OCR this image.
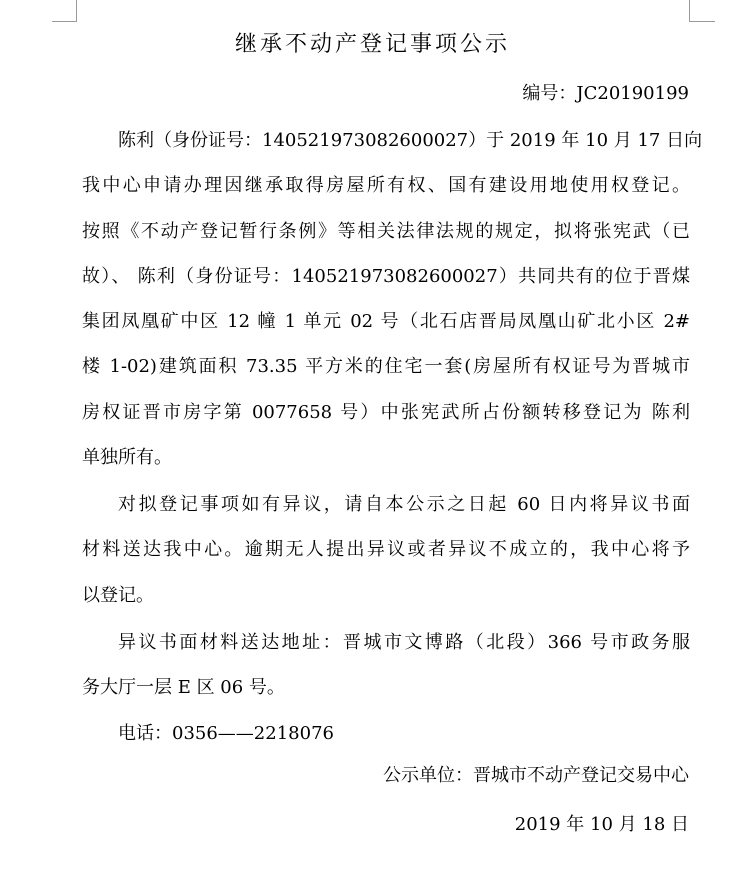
继承不动产登记事项公示
编号：JC20190199
陈利（身份证号：140521973082600027）于 2019 年 10 月 17 日向
我中心申请办理因继承取得房屋所有权、国有建设用地使用权登记。
按照《不动产登记暂行条例》等相关法律法规的规定，拟将张宪武（已
故）、 陈利（身份证号：140521973082600027）共同共有的位于晋煤
集团凤凰矿中区 12 幢 1 单元 02 号（北石店晋局凤凰山矿北小区 2#
楼 1-02)建筑面积 73.35 平方米的住宅一套(房屋所有权证号为晋城市
房权证晋市房字第 0077658 号）中张宪武所占份额转移登记为 陈利
单独所有。
对拟登记事项如有异议，请自本公示之日起 60 日内将异议书面
材料送达我中心。逾期无人提出异议或者异议不成立的，我中心将予
以登记。
异议书面材料送达地址：晋城市文博路（北段）366 号市政务服
务大厅一层 E 区 06 号。
电话：0356——2218076
公示单位：晋城市不动产登记交易中心
2019 年 10 月 18 日
